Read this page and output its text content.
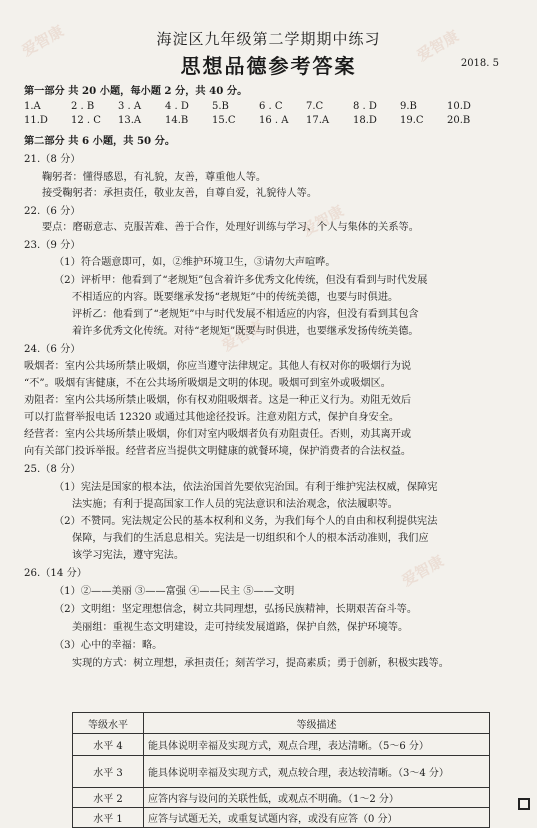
爱智康	爱智康
爱智康
爱智康
爱智康
海淀区九年级第二学期期中练习
思想品德参考答案	2018. 5
第一部分 共 20 小题，每小题 2 分，共 40 分。
1.A	2 . B	3 . A	4 . D	5.B	6 . C	7.C	8 . D	9.B	10.D
11.D	12 . C	13.A	14.B	15.C	16 . A	17.A	18.D	19.C	20.B
第二部分 共 6 小题，共 50 分。
21.（8 分）
鞠躬者：懂得感恩，有礼貌，友善，尊重他人等。
接受鞠躬者：承担责任，敬业友善，自尊自爱，礼貌待人等。
22.（6 分）
要点：磨砺意志、克服苦难、善于合作，处理好训练与学习、个人与集体的关系等。
23.（9 分）
（1）符合题意即可，如，②维护环境卫生，③请勿大声喧哗。
（2）评析甲：他看到了“老规矩”包含着许多优秀文化传统，但没有看到与时代发展
不相适应的内容。既要继承发扬“老规矩”中的传统美德，也要与时俱进。
评析乙：他看到了“老规矩”中与时代发展不相适应的内容，但没有看到其包含
着许多优秀文化传统。对待“老规矩”既要与时俱进，也要继承发扬传统美德。
24.（6 分）
吸烟者：室内公共场所禁止吸烟，你应当遵守法律规定。其他人有权对你的吸烟行为说
“不”。吸烟有害健康，不在公共场所吸烟是文明的体现。吸烟可到室外或吸烟区。
劝阻者：室内公共场所禁止吸烟，你有权劝阻吸烟者。这是一种正义行为。劝阻无效后
可以打监督举报电话 12320 或通过其他途径投诉。注意劝阻方式，保护自身安全。
经营者：室内公共场所禁止吸烟，你们对室内吸烟者负有劝阻责任。否则，劝其离开或
向有关部门投诉举报。经营者应当提供文明健康的就餐环境，保护消费者的合法权益。
25.（8 分）
（1）宪法是国家的根本法，依法治国首先要依宪治国。有利于维护宪法权威，保障宪
法实施；有利于提高国家工作人员的宪法意识和法治观念，依法履职等。
（2）不赞同。宪法规定公民的基本权利和义务，为我们每个人的自由和权利提供宪法
保障，与我们的生活息息相关。宪法是一切组织和个人的根本活动准则，我们应
该学习宪法，遵守宪法。
26.（14 分）
（1）②——美丽 ③——富强 ④——民主 ⑤——文明
（2）文明组：坚定理想信念，树立共同理想，弘扬民族精神，长期艰苦奋斗等。
美丽组：重视生态文明建设，走可持续发展道路，保护自然，保护环境等。
（3）心中的幸福：略。
实现的方式：树立理想，承担责任；刻苦学习，提高素质；勇于创新，积极实践等。
等级水平	等级描述
水平 4	能具体说明幸福及实现方式，观点合理，表达清晰。（5～6 分）
水平 3	能具体说明幸福及实现方式，观点较合理，表达较清晰。（3～4 分）
水平 2	应答内容与设问的关联性低，或观点不明确。（1～2 分）
水平 1	应答与试题无关，或重复试题内容，或没有应答（0 分）
